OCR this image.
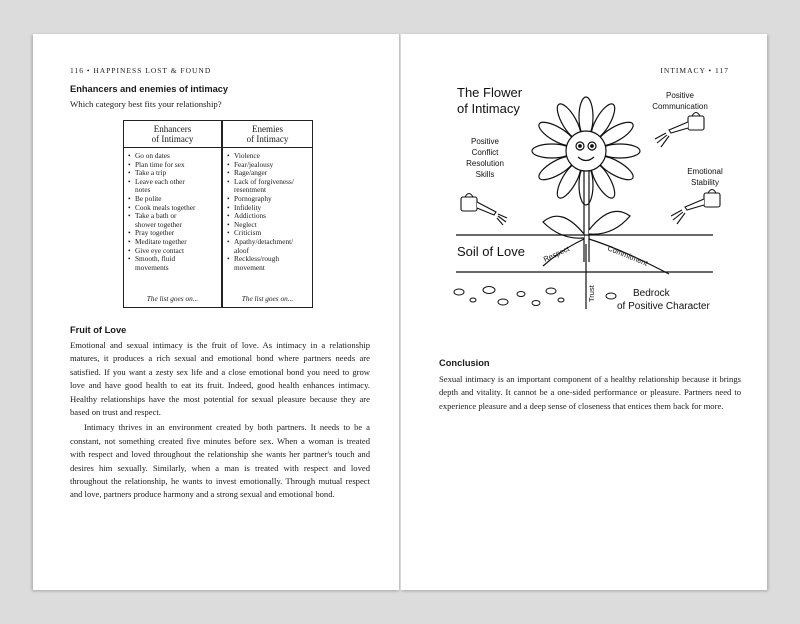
116 • HAPPINESS LOST & FOUND
Enhancers and enemies of intimacy
Which category best fits your relationship?
Enhancers
of Intimacy
• Go on dates
• Plan time for sex
• Take a trip
• Leave each other
notes
• Be polite
• Cook meals together
• Take a bath or
shower together
• Pray together
• Meditate together
• Give eye contact
• Smooth, fluid
movements
The list goes on...
Enemies
of Intimacy
• Violence
• Fear/jealousy
• Rage/anger
• Lack of forgiveness/
resentment
• Pornography
• Infidelity
• Addictions
• Neglect
• Criticism
• Apathy/detachment/
aloof
• Reckless/rough
movement
The list goes on...
Fruit of Love

Emotional and sexual intimacy is the fruit of love. As intimacy in a relationship matures, it produces a rich sexual and emotional bond where partners needs are satisfied. If you want a zesty sex life and a close emotional bond you need to grow love and have good health to eat its fruit. Indeed, good health enhances intimacy. Healthy relationships have the most potential for sexual pleasure because they are based on trust and respect.

Intimacy thrives in an environment created by both partners. It needs to be a constant, not something created five minutes before sex. When a woman is treated with respect and loved throughout the relationship she wants her partner's touch and desires him sexually. Similarly, when a man is treated with respect and loved throughout the relationship, he wants to invest emotionally. Through mutual respect and love, partners produce harmony and a strong sexual and emotional bond.

INTIMACY • 117
The Flower
of Intimacy
Positive
Conflict
Resolution
Skills
Positive
Communication
Emotional
Stability
Soil of Love Respect	Commitment
Trust	Bedrock
of Positive Character
Conclusion
Sexual intimacy is an important component of a healthy relationship because it brings depth and vitality. It cannot be a one-sided performance or pleasure. Partners need to experience pleasure and a deep sense of closeness that entices them back for more.
